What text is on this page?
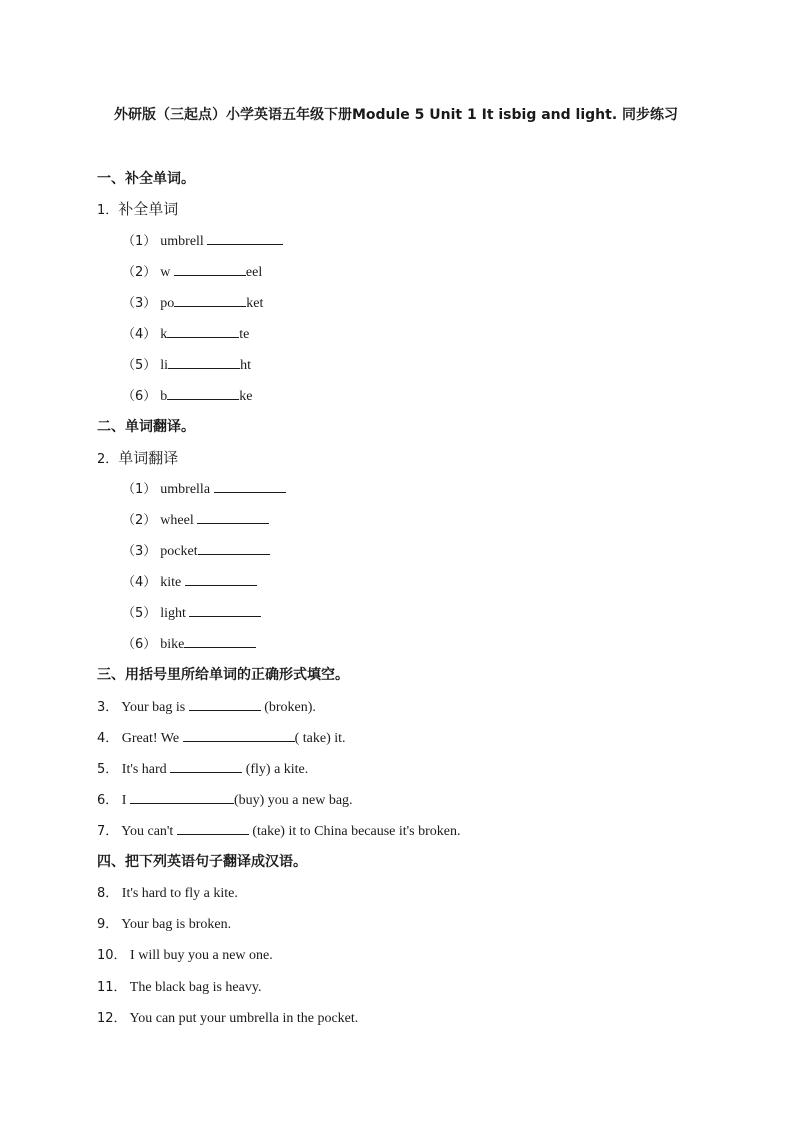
外研版（三起点）小学英语五年级下册Module 5 Unit 1 It isbig and light. 同步练习
一、补全单词。
1．补全单词
（1） umbrell
（2） w	eel
（3） po	ket
（4） k	te
（5） li	ht
（6） b	ke
二、单词翻译。
2．单词翻译
（1） umbrella
（2） wheel
（3） pocket
（4） kite
（5） light
（6） bike
三、用括号里所给单词的正确形式填空。
3． Your bag is	(broken).
4． Great! We	( take) it.
5． It's hard	(fly) a kite.
6． I	(buy) you a new bag.
7． You can't	(take) it to China because it's broken.
四、把下列英语句子翻译成汉语。
8． It's hard to fly a kite.
9． Your bag is broken.
10． I will buy you a new one.
11． The black bag is heavy.
12． You can put your umbrella in the pocket.
